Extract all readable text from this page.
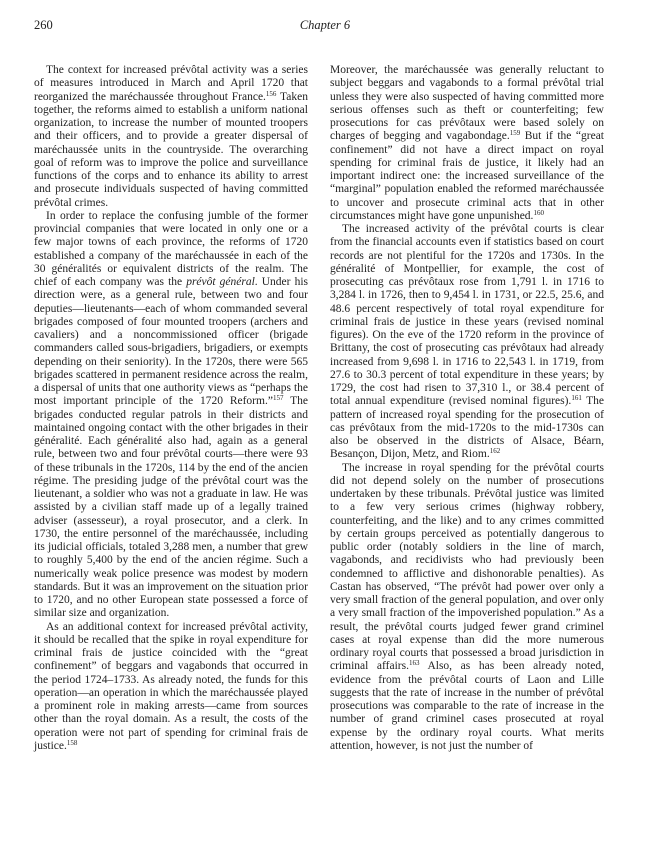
260	Chapter 6

The context for increased prévôtal activity was a series of measures introduced in March and April 1720 that reorganized the maréchaussée throughout France.$^{156}$ Taken together, the reforms aimed to establish a uniform national organization, to increase the number of mounted troopers and their officers, and to provide a greater dispersal of maréchaussée units in the countryside. The overarching goal of reform was to improve the police and surveillance functions of the corps and to enhance its ability to arrest and prosecute individuals suspected of having committed prévôtal crimes.

In order to replace the confusing jumble of the former provincial companies that were located in only one or a few major towns of each province, the reforms of 1720 established a company of the maréchaussée in each of the 30 généralités or equivalent districts of the realm. The chief of each company was the prévôt général. Under his direction were, as a general rule, between two and four deputies—lieutenants—each of whom commanded several brigades composed of four mounted troopers (archers and cavaliers) and a noncommissioned officer (brigade commanders called sous-brigadiers, brigadiers, or exempts depending on their seniority). In the 1720s, there were 565 brigades scattered in permanent residence across the realm, a dispersal of units that one authority views as “perhaps the most important principle of the 1720 Reform.”$^{157}$ The brigades conducted regular patrols in their districts and maintained ongoing contact with the other brigades in their généralité. Each généralité also had, again as a general rule, between two and four prévôtal courts—there were 93 of these tribunals in the 1720s, 114 by the end of the ancien régime. The presiding judge of the prévôtal court was the lieutenant, a soldier who was not a graduate in law. He was assisted by a civilian staff made up of a legally trained adviser (assesseur), a royal prosecutor, and a clerk. In 1730, the entire personnel of the maréchaussée, including its judicial officials, totaled 3,288 men, a number that grew to roughly 5,400 by the end of the ancien régime. Such a numerically weak police presence was modest by modern standards. But it was an improvement on the situation prior to 1720, and no other European state possessed a force of similar size and organization.

As an additional context for increased prévôtal activity, it should be recalled that the spike in royal expenditure for criminal frais de justice coincided with the “great confinement” of beggars and vagabonds that occurred in the period 1724–1733. As already noted, the funds for this operation—an operation in which the maréchaussée played a prominent role in making arrests—came from sources other than the royal domain. As a result, the costs of the operation were not part of spending for criminal frais de justice.$^{158}$

Moreover, the maréchaussée was generally reluctant to subject beggars and vagabonds to a formal prévôtal trial unless they were also suspected of having committed more serious offenses such as theft or counterfeiting; few prosecutions for cas prévôtaux were based solely on charges of begging and vagabondage.$^{159}$ But if the “great confinement” did not have a direct impact on royal spending for criminal frais de justice, it likely had an important indirect one: the increased surveillance of the “marginal” population enabled the reformed maréchaussée to uncover and prosecute criminal acts that in other circumstances might have gone unpunished.$^{160}$

The increased activity of the prévôtal courts is clear from the financial accounts even if statistics based on court records are not plentiful for the 1720s and 1730s. In the généralité of Montpellier, for example, the cost of prosecuting cas prévôtaux rose from 1,791 l. in 1716 to 3,284 l. in 1726, then to 9,454 l. in 1731, or 22.5, 25.6, and 48.6 percent respectively of total royal expenditure for criminal frais de justice in these years (revised nominal figures). On the eve of the 1720 reform in the province of Brittany, the cost of prosecuting cas prévôtaux had already increased from 9,698 l. in 1716 to 22,543 l. in 1719, from 27.6 to 30.3 percent of total expenditure in these years; by 1729, the cost had risen to 37,310 l., or 38.4 percent of total annual expenditure (revised nominal figures).$^{161}$ The pattern of increased royal spending for the prosecution of cas prévôtaux from the mid-1720s to the mid-1730s can also be observed in the districts of Alsace, Béarn, Besançon, Dijon, Metz, and Riom.$^{162}$

The increase in royal spending for the prévôtal courts did not depend solely on the number of prosecutions undertaken by these tribunals. Prévôtal justice was limited to a few very serious crimes (highway robbery, counterfeiting, and the like) and to any crimes committed by certain groups perceived as potentially dangerous to public order (notably soldiers in the line of march, vagabonds, and recidivists who had previously been condemned to afflictive and dishonorable penalties). As Castan has observed, “The prévôt had power over only a very small fraction of the general population, and over only a very small fraction of the impoverished population.” As a result, the prévôtal courts judged fewer grand criminel cases at royal expense than did the more numerous ordinary royal courts that possessed a broad jurisdiction in criminal affairs.$^{163}$ Also, as has been already noted, evidence from the prévôtal courts of Laon and Lille suggests that the rate of increase in the number of prévôtal prosecutions was comparable to the rate of increase in the number of grand criminel cases prosecuted at royal expense by the ordinary royal courts. What merits attention, however, is not just the number of
